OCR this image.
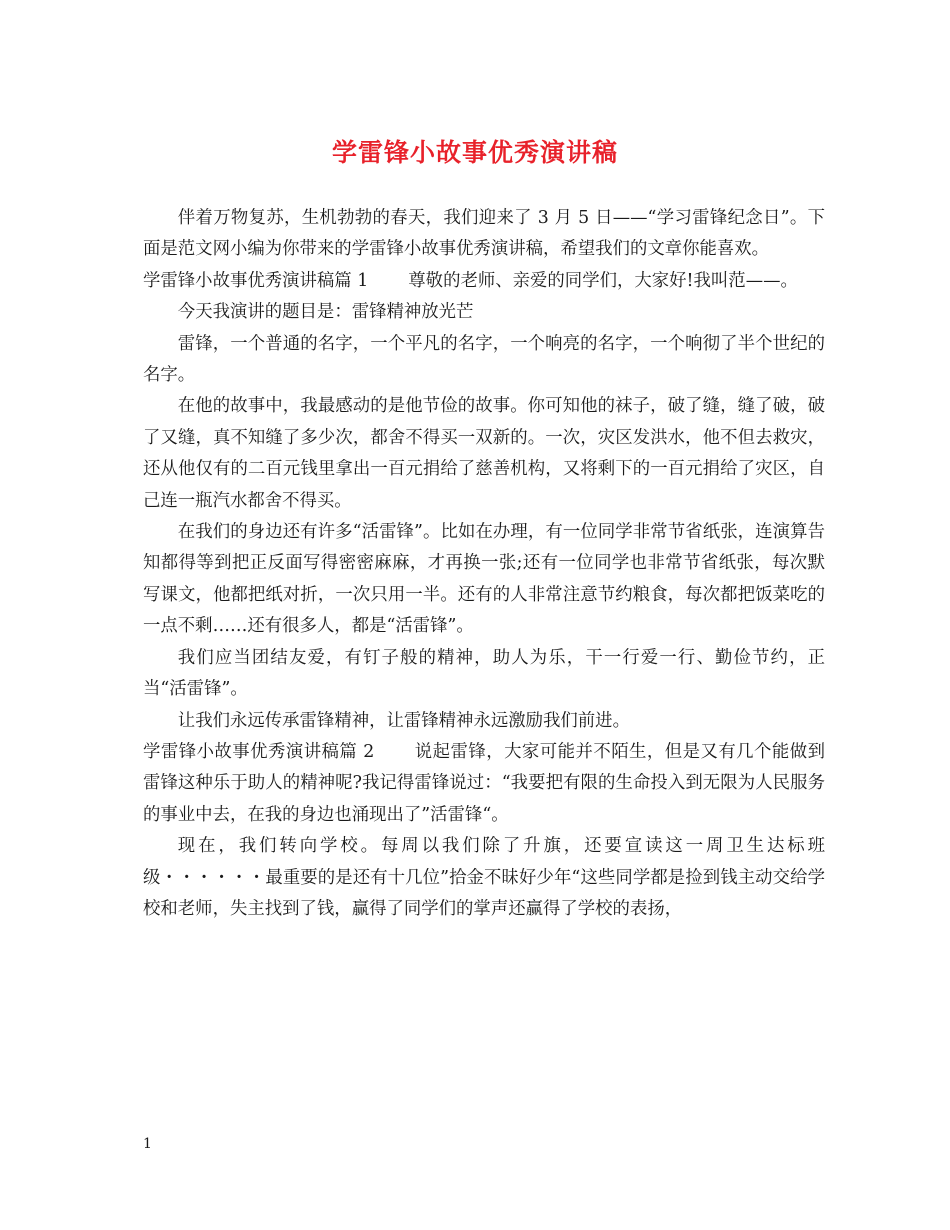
学雷锋小故事优秀演讲稿

伴着万物复苏，生机勃勃的春天，我们迎来了 3 月 5 日——“学习雷锋纪念日”。下面是范文网小编为你带来的学雷锋小故事优秀演讲稿，希望我们的文章你能喜欢。

学雷锋小故事优秀演讲稿篇 1 尊敬的老师、亲爱的同学们，大家好!我叫范——。

今天我演讲的题目是：雷锋精神放光芒

雷锋，一个普通的名字，一个平凡的名字，一个响亮的名字，一个响彻了半个世纪的名字。

在他的故事中，我最感动的是他节俭的故事。你可知他的袜子，破了缝，缝了破，破了又缝，真不知缝了多少次，都舍不得买一双新的。一次，灾区发洪水，他不但去救灾，还从他仅有的二百元钱里拿出一百元捐给了慈善机构，又将剩下的一百元捐给了灾区，自己连一瓶汽水都舍不得买。

在我们的身边还有许多“活雷锋”。比如在办理，有一位同学非常节省纸张，连演算告知都得等到把正反面写得密密麻麻，才再换一张;还有一位同学也非常节省纸张，每次默写课文，他都把纸对折，一次只用一半。还有的人非常注意节约粮食，每次都把饭菜吃的一点不剩……还有很多人，都是“活雷锋”。

我们应当团结友爱，有钉子般的精神，助人为乐，干一行爱一行、勤俭节约，正当“活雷锋”。

让我们永远传承雷锋精神，让雷锋精神永远激励我们前进。

学雷锋小故事优秀演讲稿篇 2 说起雷锋，大家可能并不陌生，但是又有几个能做到雷锋这种乐于助人的精神呢?我记得雷锋说过：“我要把有限的生命投入到无限为人民服务的事业中去，在我的身边也涌现出了”活雷锋“。

现在，我们转向学校。每周以我们除了升旗，还要宣读这一周卫生达标班级・・・・・・最重要的是还有十几位”拾金不昧好少年“这些同学都是捡到钱主动交给学校和老师，失主找到了钱，赢得了同学们的掌声还赢得了学校的表扬，

1
